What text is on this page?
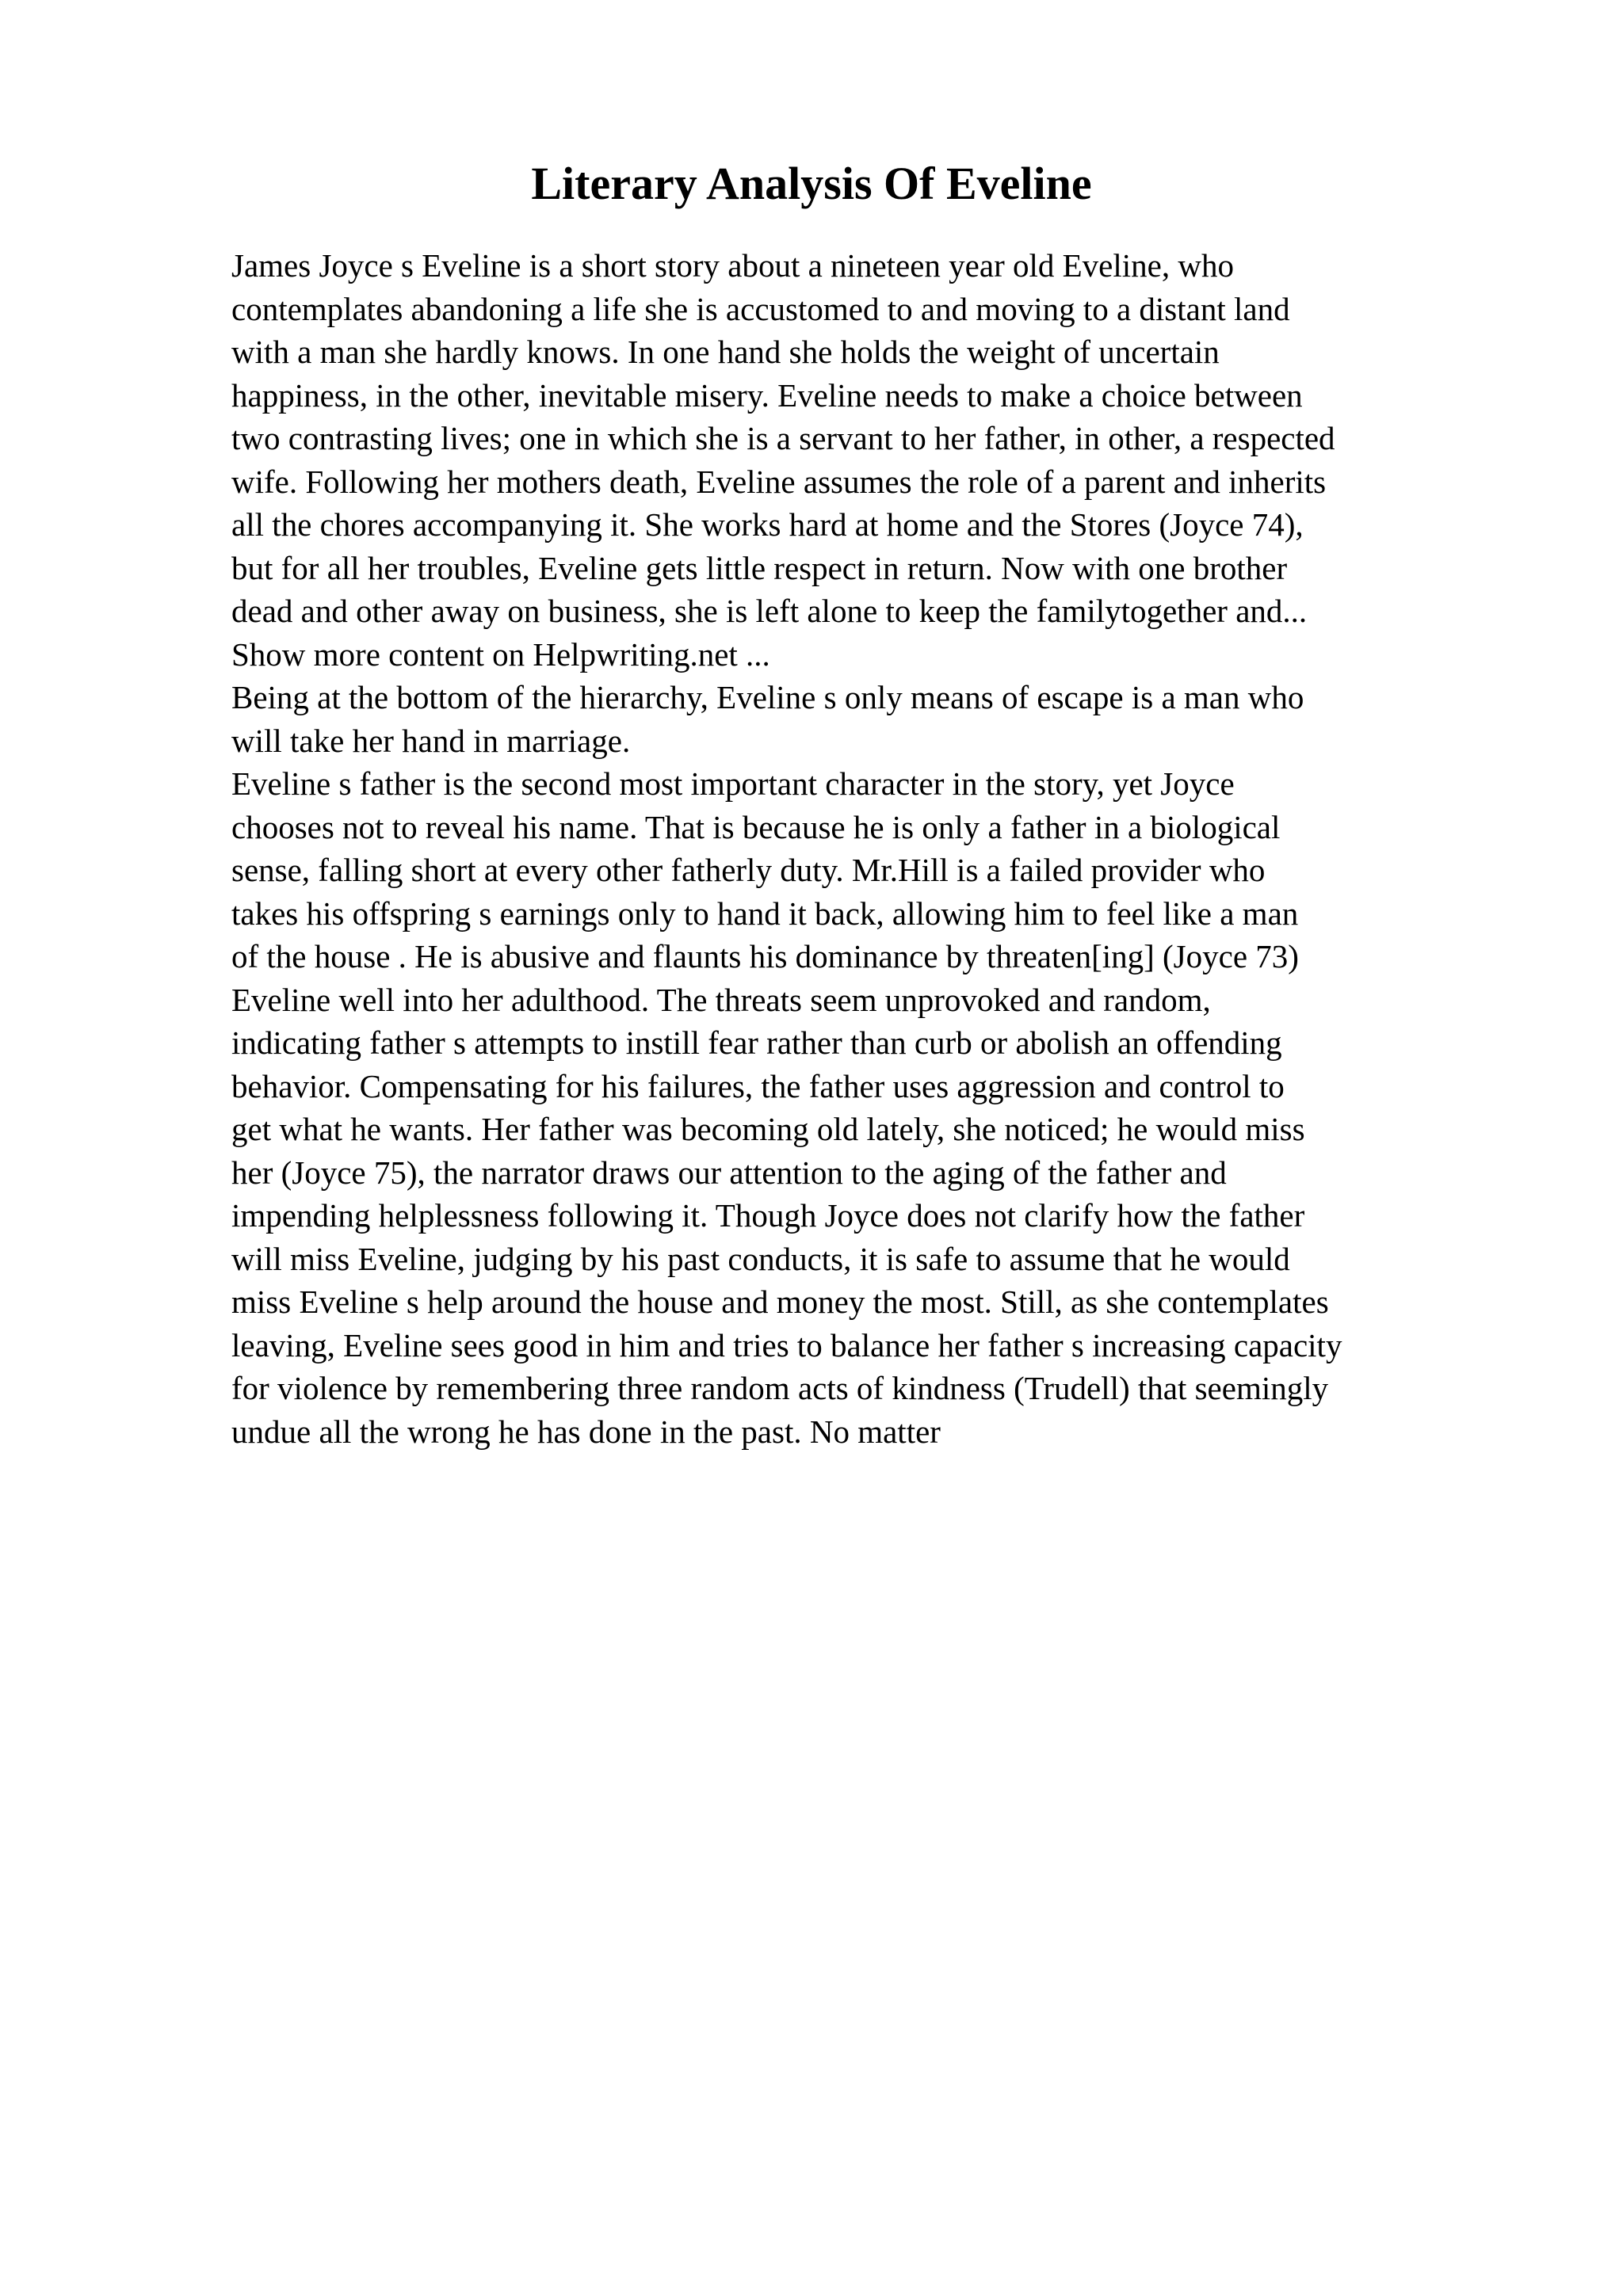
Literary Analysis Of Eveline
James Joyce s Eveline is a short story about a nineteen year old Eveline, who
contemplates abandoning a life she is accustomed to and moving to a distant land
with a man she hardly knows. In one hand she holds the weight of uncertain
happiness, in the other, inevitable misery. Eveline needs to make a choice between
two contrasting lives; one in which she is a servant to her father, in other, a respected
wife. Following her mothers death, Eveline assumes the role of a parent and inherits
all the chores accompanying it. She works hard at home and the Stores (Joyce 74),
but for all her troubles, Eveline gets little respect in return. Now with one brother
dead and other away on business, she is left alone to keep the familytogether and...
Show more content on Helpwriting.net ...
Being at the bottom of the hierarchy, Eveline s only means of escape is a man who
will take her hand in marriage.
Eveline s father is the second most important character in the story, yet Joyce
chooses not to reveal his name. That is because he is only a father in a biological
sense, falling short at every other fatherly duty. Mr.Hill is a failed provider who
takes his offspring s earnings only to hand it back, allowing him to feel like a man
of the house . He is abusive and flaunts his dominance by threaten[ing] (Joyce 73)
Eveline well into her adulthood. The threats seem unprovoked and random,
indicating father s attempts to instill fear rather than curb or abolish an offending
behavior. Compensating for his failures, the father uses aggression and control to
get what he wants. Her father was becoming old lately, she noticed; he would miss
her (Joyce 75), the narrator draws our attention to the aging of the father and
impending helplessness following it. Though Joyce does not clarify how the father
will miss Eveline, judging by his past conducts, it is safe to assume that he would
miss Eveline s help around the house and money the most. Still, as she contemplates
leaving, Eveline sees good in him and tries to balance her father s increasing capacity
for violence by remembering three random acts of kindness (Trudell) that seemingly
undue all the wrong he has done in the past. No matter
